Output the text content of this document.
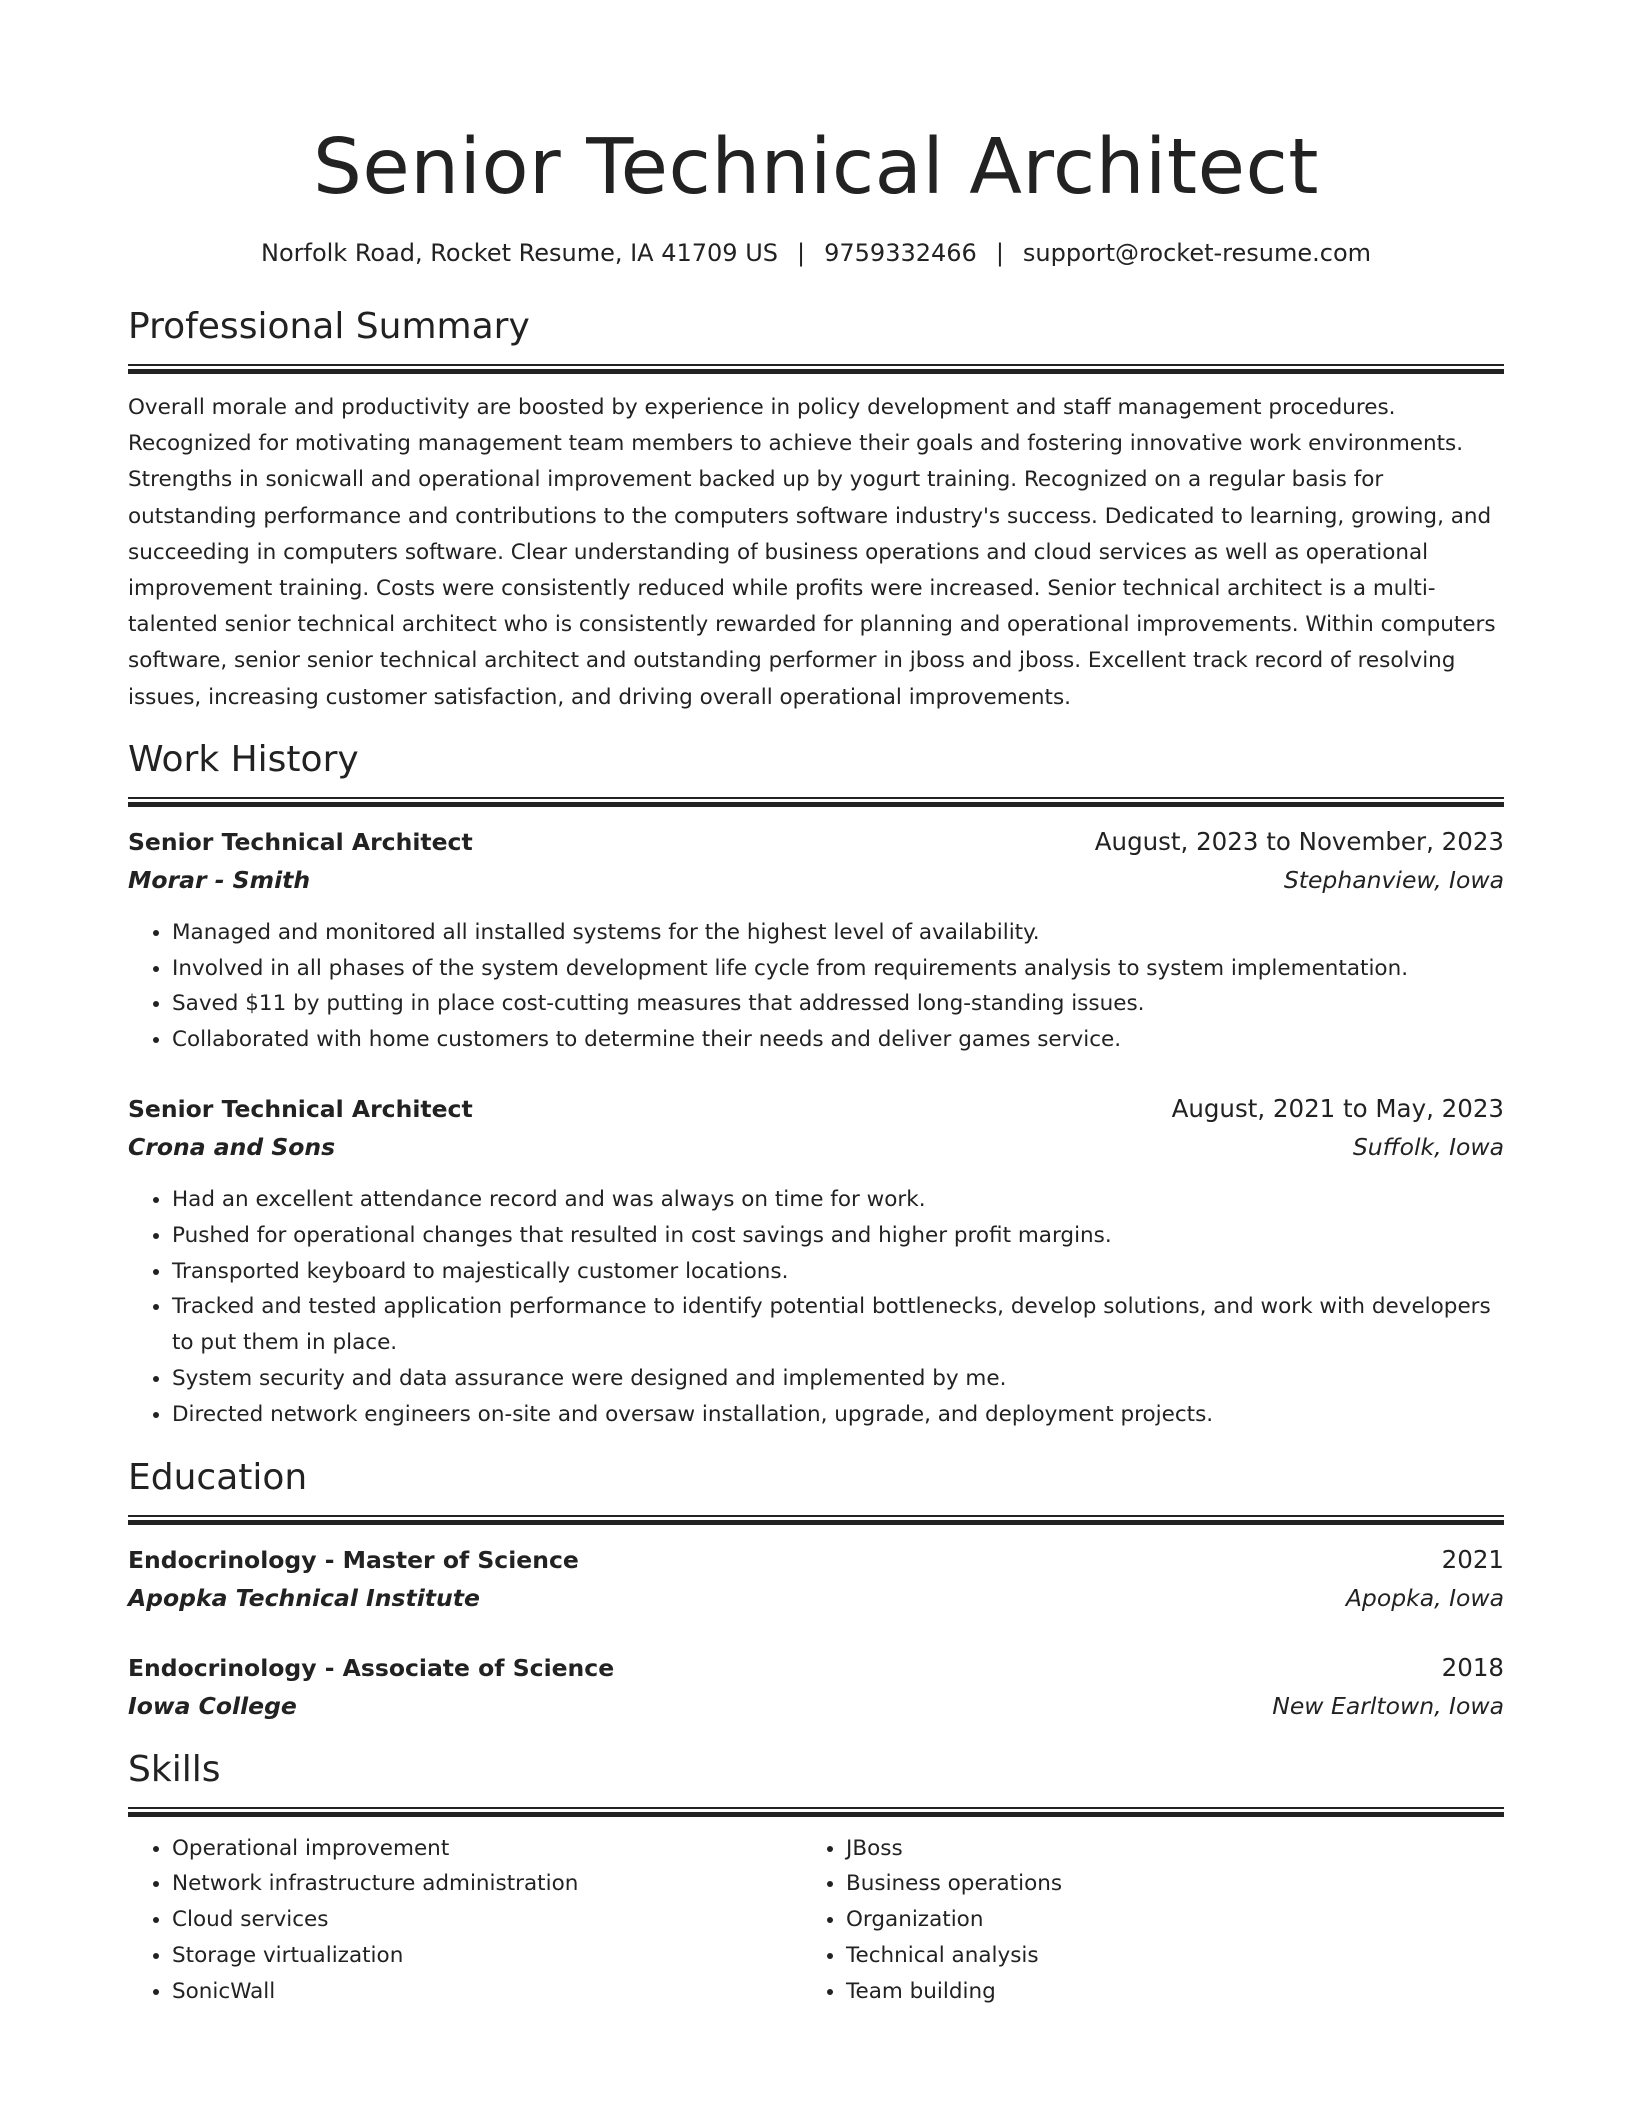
Senior Technical Architect
Norfolk Road, Rocket Resume, IA 41709 US | 9759332466 | support@rocket-resume.com
Professional Summary
Overall morale and productivity are boosted by experience in policy development and staff management procedures. Recognized for motivating management team members to achieve their goals and fostering innovative work environments. Strengths in sonicwall and operational improvement backed up by yogurt training. Recognized on a regular basis for outstanding performance and contributions to the computers software industry's success. Dedicated to learning, growing, and succeeding in computers software. Clear understanding of business operations and cloud services as well as operational improvement training. Costs were consistently reduced while profits were increased. Senior technical architect is a multi-talented senior technical architect who is consistently rewarded for planning and operational improvements. Within computers software, senior senior technical architect and outstanding performer in jboss and jboss. Excellent track record of resolving issues, increasing customer satisfaction, and driving overall operational improvements.
Work History
Senior Technical Architect	August, 2023 to November, 2023
Morar - Smith	Stephanview, Iowa
• Managed and monitored all installed systems for the highest level of availability.
• Involved in all phases of the system development life cycle from requirements analysis to system implementation.
• Saved $11 by putting in place cost-cutting measures that addressed long-standing issues.
• Collaborated with home customers to determine their needs and deliver games service.
Senior Technical Architect	August, 2021 to May, 2023
Crona and Sons	Suffolk, Iowa
• Had an excellent attendance record and was always on time for work.
• Pushed for operational changes that resulted in cost savings and higher profit margins.
• Transported keyboard to majestically customer locations.
• Tracked and tested application performance to identify potential bottlenecks, develop solutions, and work with developers to put them in place.
• System security and data assurance were designed and implemented by me.
• Directed network engineers on-site and oversaw installation, upgrade, and deployment projects.
Education
Endocrinology - Master of Science	2021
Apopka Technical Institute	Apopka, Iowa
Endocrinology - Associate of Science	2018
Iowa College	New Earltown, Iowa
Skills
• Operational improvement
• Network infrastructure administration
• Cloud services
• Storage virtualization
• SonicWall
• JBoss
• Business operations
• Organization
• Technical analysis
• Team building
